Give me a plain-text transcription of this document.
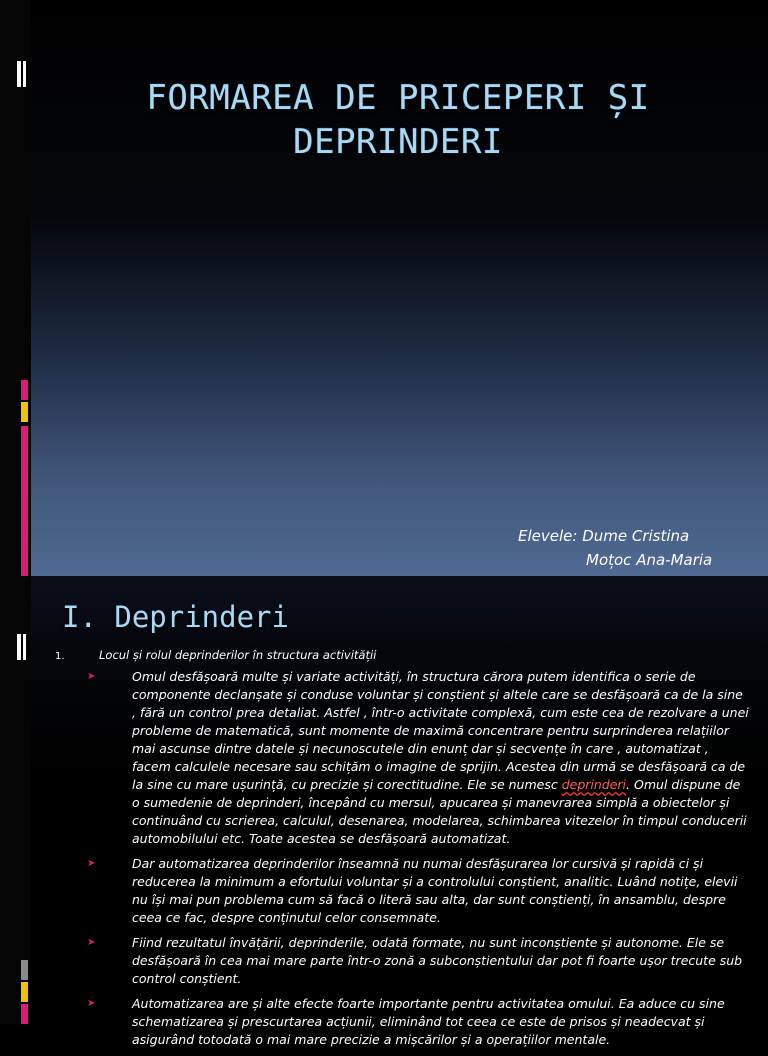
FORMAREA DE PRICEPERI ȘI
DEPRINDERI
Elevele: Dume Cristina
Moțoc Ana-Maria
I. Deprinderi
1.	Locul și rolul deprinderilor în structura activității
➤	Omul desfășoară multe și variate activități, în structura cărora putem identifica o serie de componente declanșate și conduse voluntar și conștient și altele care se desfășoară ca de la sine , fără un control prea detaliat. Astfel , într-o activitate complexă, cum este cea de rezolvare a unei probleme de matematică, sunt momente de maximă concentrare pentru surprinderea relațiilor mai ascunse dintre datele și necunoscutele din enunț dar și secvențe în care , automatizat , facem calculele necesare sau schițăm o imagine de sprijin. Acestea din urmă se desfășoară ca de la sine cu mare ușurință, cu precizie și corectitudine. Ele se numesc deprinderi. Omul dispune de o sumedenie de deprinderi, începând cu mersul, apucarea și manevrarea simplă a obiectelor și continuând cu scrierea, calculul, desenarea, modelarea, schimbarea vitezelor în timpul conducerii automobilului etc. Toate acestea se desfășoară automatizat.
➤	Dar automatizarea deprinderilor înseamnă nu numai desfășurarea lor cursivă și rapidă ci și reducerea la minimum a efortului voluntar și a controlului conștient, analitic. Luând notițe, elevii nu își mai pun problema cum să facă o literă sau alta, dar sunt conștienți, în ansamblu, despre ceea ce fac, despre conținutul celor consemnate.
➤	Fiind rezultatul învățării, deprinderile, odată formate, nu sunt inconștiente și autonome. Ele se desfășoară în cea mai mare parte într-o zonă a subconștientului dar pot fi foarte ușor trecute sub control conștient.
➤	Automatizarea are și alte efecte foarte importante pentru activitatea omului. Ea aduce cu sine schematizarea și prescurtarea acțiunii, eliminând tot ceea ce este de prisos și neadecvat și asigurând totodată o mai mare precizie a mișcărilor și a operațiilor mentale.
